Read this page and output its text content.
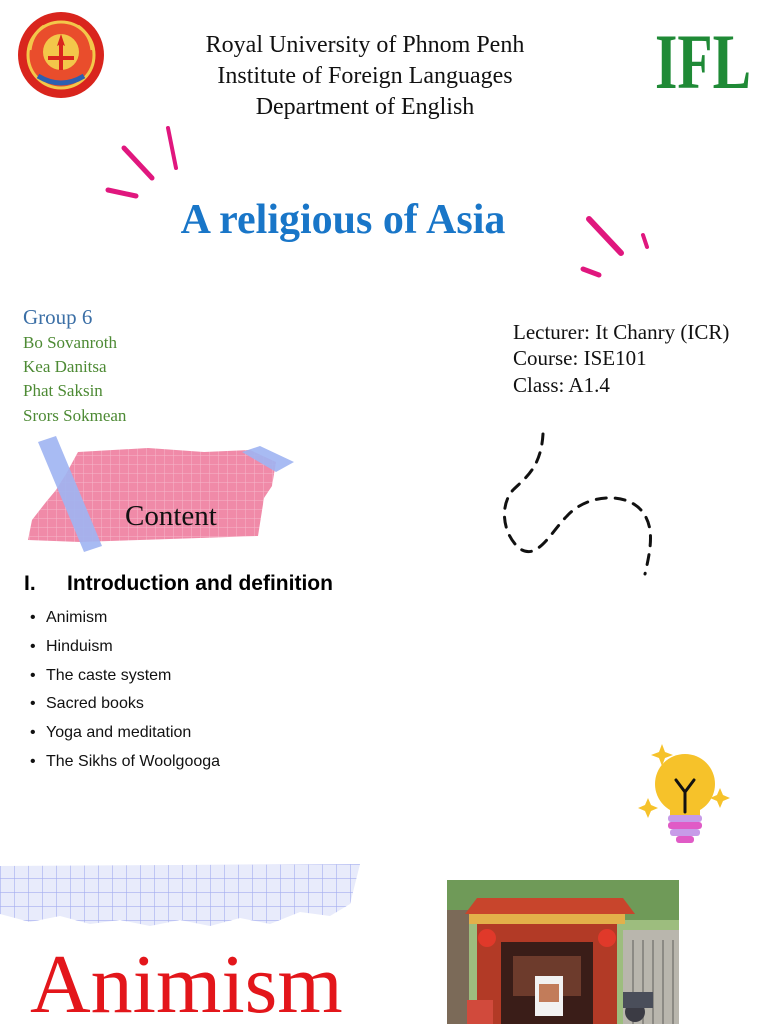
Royal University of Phnom Penh
Institute of Foreign Languages
Department of English
IFL
A religious of Asia
Group 6
Bo Sovanroth
Kea Danitsa
Phat Saksin
Srors Sokmean
Lecturer: It Chanry (ICR)
Course: ISE101
Class: A1.4
Content
I. Introduction and definition
• Animism
• Hinduism
• The caste system
• Sacred books
• Yoga and meditation
• The Sikhs of Woolgooga
Animism
